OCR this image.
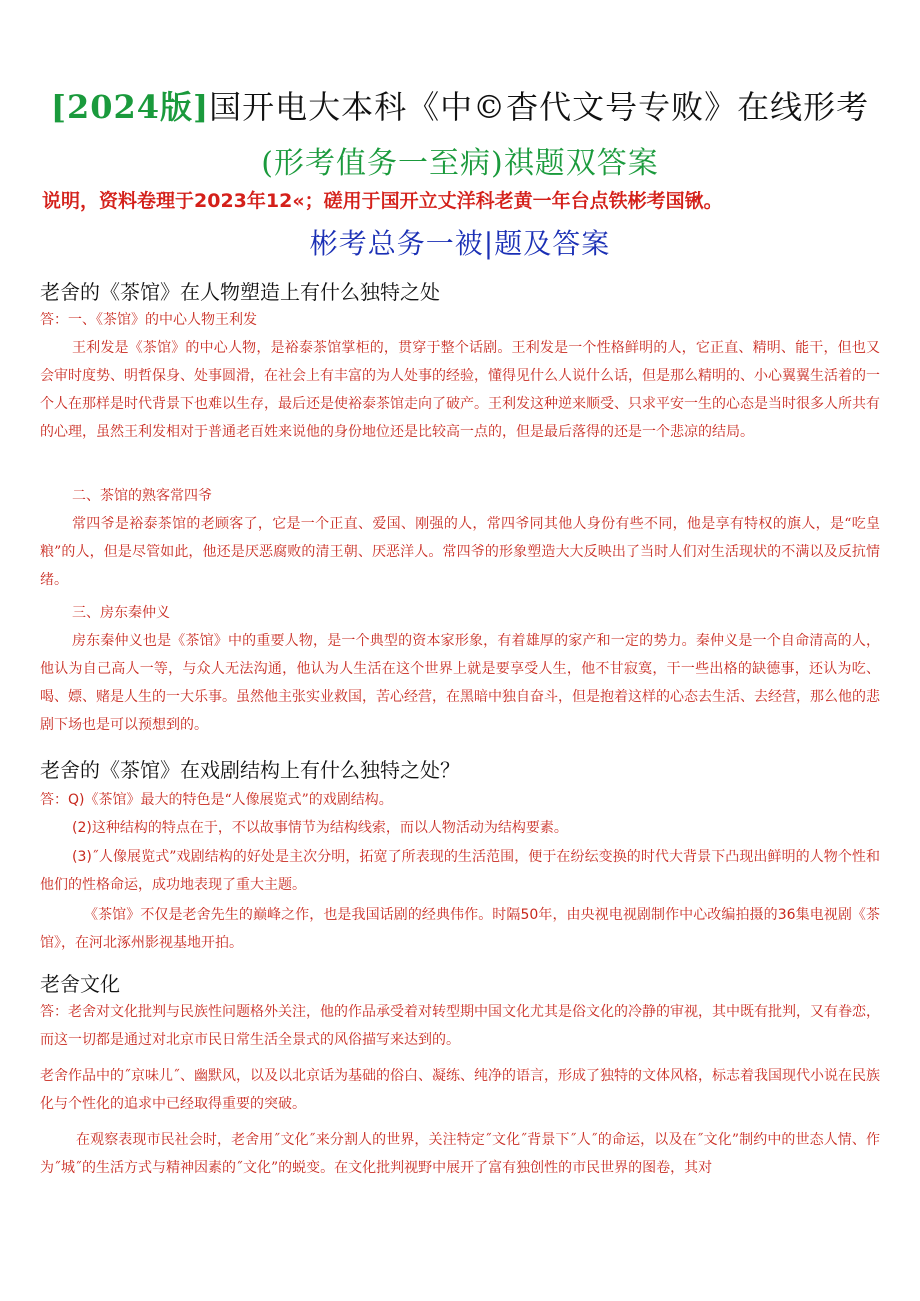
[2024版]国开电大本科《中©杳代文号专败》在线形考
(形考值务一至病)祺题双答案
说明，资料卷理于2023年12«；磋用于国开立丈洋科老黄一年台点铁彬考国锹。
彬考总务一被|题及答案
老舍的《茶馆》在人物塑造上有什么独特之处
答：一、《茶馆》的中心人物王利发
王利发是《茶馆》的中心人物，是裕泰茶馆掌柜的，贯穿于整个话剧。王利发是一个性格鲜明的人，它正直、精明、能干，但也又会审时度势、明哲保身、处事圆滑，在社会上有丰富的为人处事的经验，懂得见什么人说什么话，但是那么精明的、小心翼翼生活着的一个人在那样是时代背景下也难以生存，最后还是使裕泰茶馆走向了破产。王利发这种逆来顺受、只求平安一生的心态是当时很多人所共有的心理，虽然王利发相对于普通老百姓来说他的身份地位还是比较高一点的，但是最后落得的还是一个悲凉的结局。
二、茶馆的熟客常四爷
常四爷是裕泰茶馆的老顾客了，它是一个正直、爱国、刚强的人，常四爷同其他人身份有些不同，他是享有特权的旗人，是“吃皇粮”的人，但是尽管如此，他还是厌恶腐败的清王朝、厌恶洋人。常四爷的形象塑造大大反映出了当时人们对生活现状的不满以及反抗情绪。
三、房东秦仲义
房东秦仲义也是《茶馆》中的重要人物，是一个典型的资本家形象，有着雄厚的家产和一定的势力。秦仲义是一个自命清高的人，他认为自己高人一等，与众人无法沟通，他认为人生活在这个世界上就是要享受人生，他不甘寂寞，干一些出格的缺德事，还认为吃、喝、嫖、赌是人生的一大乐事。虽然他主张实业救国，苦心经营，在黑暗中独自奋斗，但是抱着这样的心态去生活、去经营，那么他的悲剧下场也是可以预想到的。
老舍的《茶馆》在戏剧结构上有什么独特之处？
答：Q)《茶馆》最大的特色是“人像展览式”的戏剧结构。
(2)这种结构的特点在于，不以故事情节为结构线索，而以人物活动为结构要素。
(3)˝人像展览式”戏剧结构的好处是主次分明，拓宽了所表现的生活范围，便于在纷纭变换的时代大背景下凸现出鲜明的人物个性和他们的性格命运，成功地表现了重大主题。
《茶馆》不仅是老舍先生的巅峰之作，也是我国话剧的经典伟作。时隔50年，由央视电视剧制作中心改编拍摄的36集电视剧《茶馆》，在河北涿州影视基地开拍。
老舍文化
答：老舍对文化批判与民族性问题格外关注，他的作品承受着对转型期中国文化尤其是俗文化的冷静的审视，其中既有批判，又有眷恋，而这一切都是通过对北京市民日常生活全景式的风俗描写来达到的。
老舍作品中的˝京味儿˝、幽默风，以及以北京话为基础的俗白、凝练、纯净的语言，形成了独特的文体风格，标志着我国现代小说在民族化与个性化的追求中已经取得重要的突破。
在观察表现市民社会时，老舍用˝文化˝来分割人的世界，关注特定˝文化˝背景下˝人˝的命运，以及在˝文化”制约中的世态人情、作为˝城˝的生活方式与精神因素的˝文化”的蜕变。在文化批判视野中展开了富有独创性的市民世界的图卷，其对
